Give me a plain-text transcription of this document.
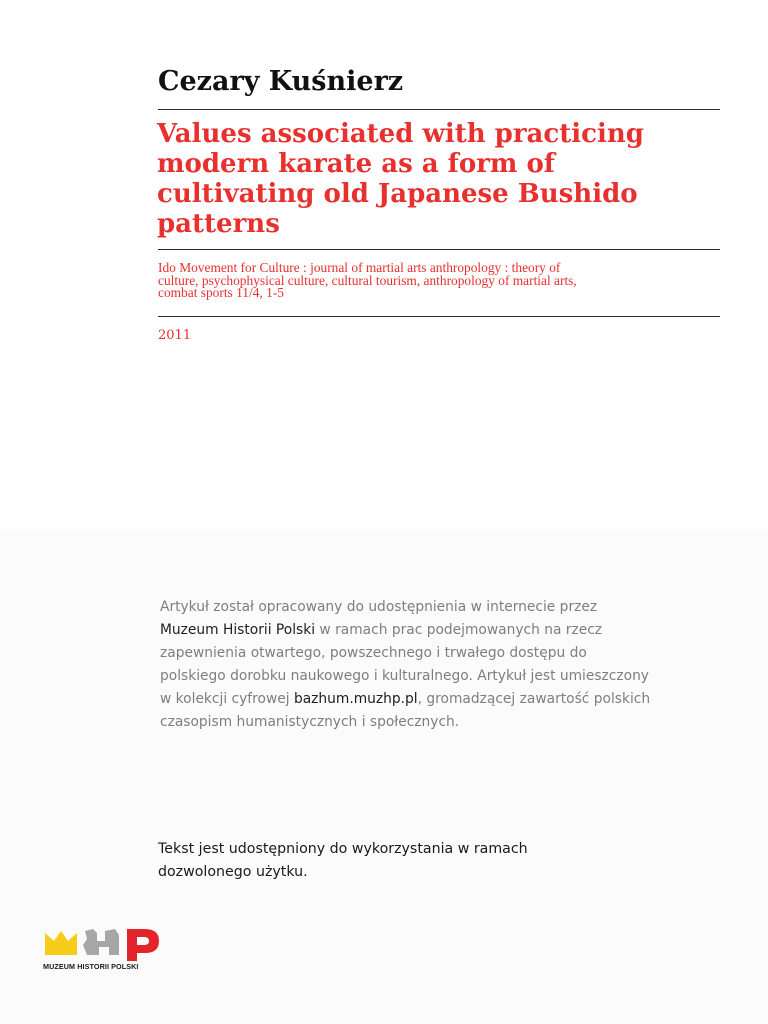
Cezary Kuśnierz
Values associated with practicing
modern karate as a form of
cultivating old Japanese Bushido
patterns
Ido Movement for Culture : journal of martial arts anthropology : theory of
culture, psychophysical culture, cultural tourism, anthropology of martial arts,
combat sports 11/4, 1-5
2011
Artykuł został opracowany do udostępnienia w internecie przez
Muzeum Historii Polski w ramach prac podejmowanych na rzecz
zapewnienia otwartego, powszechnego i trwałego dostępu do
polskiego dorobku naukowego i kulturalnego. Artykuł jest umieszczony
w kolekcji cyfrowej bazhum.muzhp.pl, gromadzącej zawartość polskich
czasopism humanistycznych i społecznych.
Tekst jest udostępniony do wykorzystania w ramach
dozwolonego użytku.
MUZEUM HISTORII POLSKI
